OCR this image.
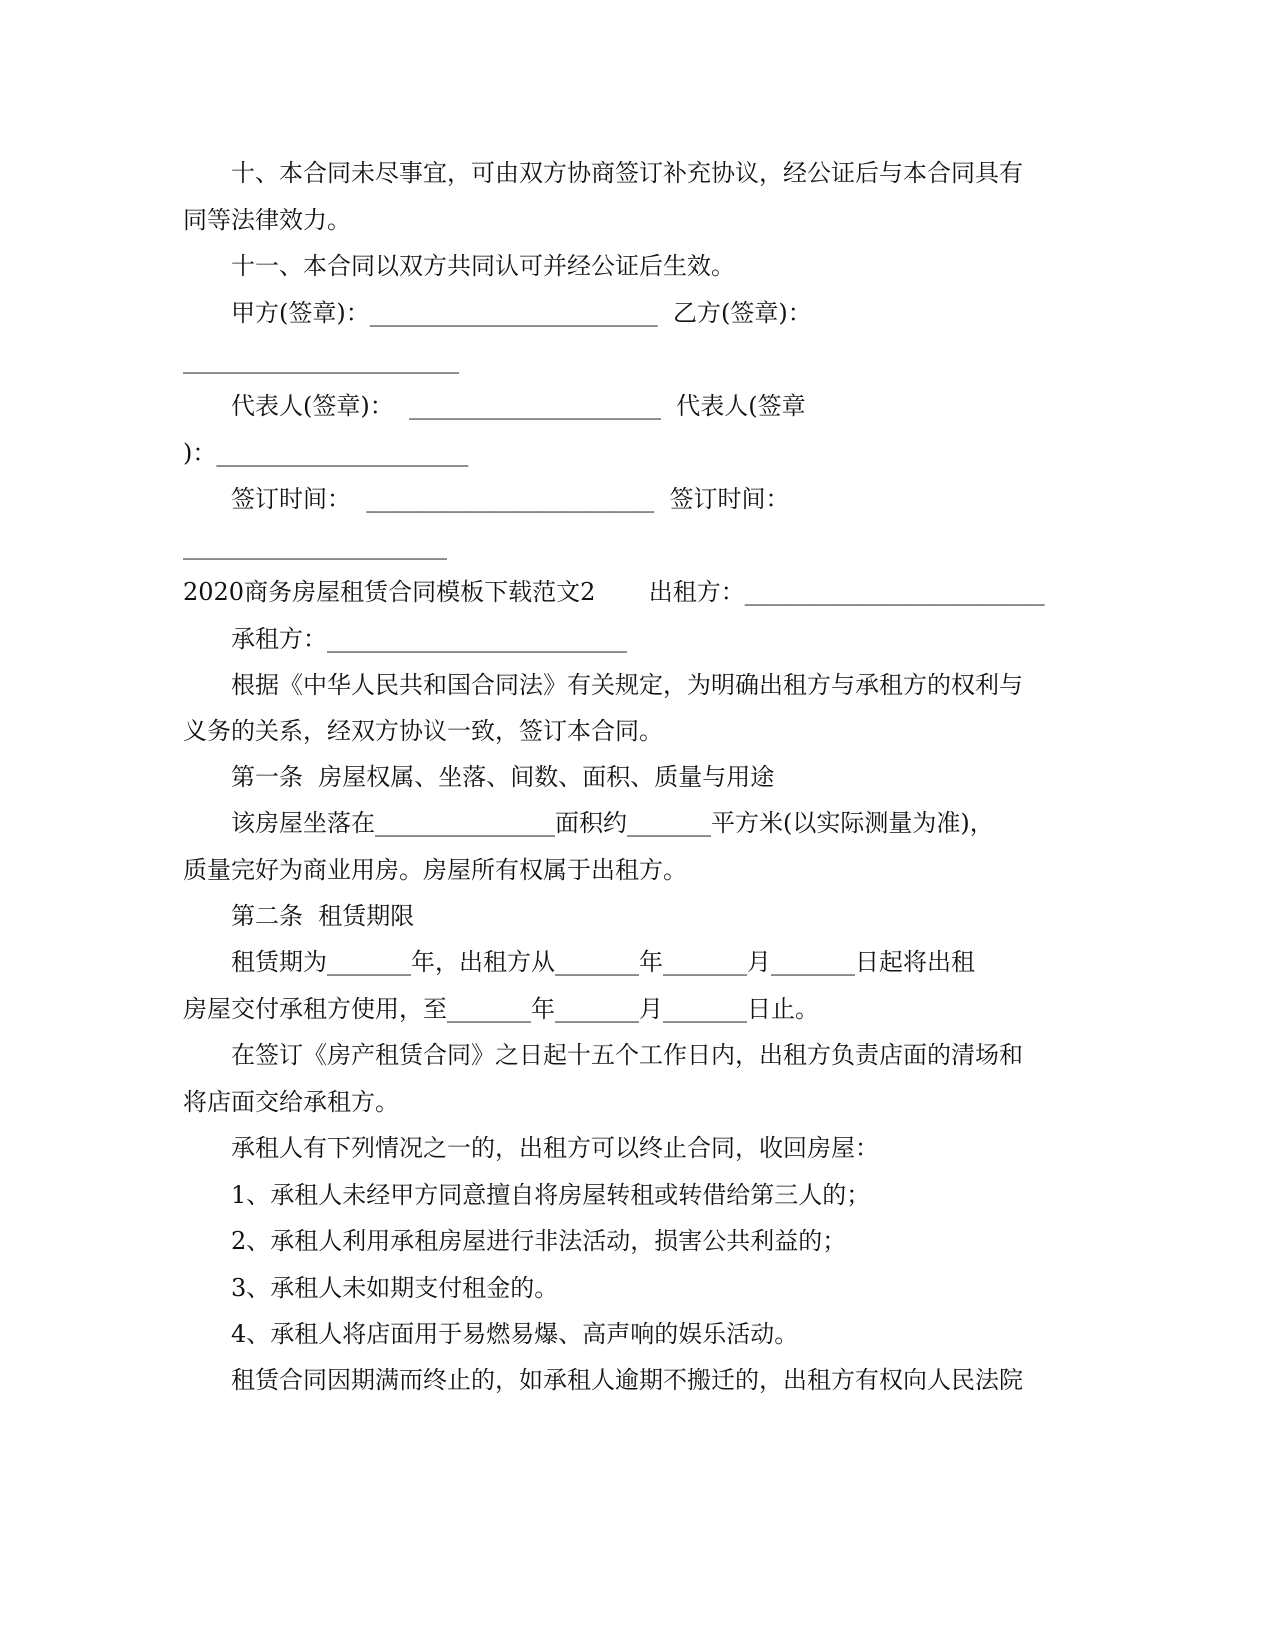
十、本合同未尽事宜，可由双方协商签订补充协议，经公证后与本合同具有
同等法律效力。
十一、本合同以双方共同认可并经公证后生效。
甲方(签章)：________________________  乙方(签章)：
_______________________
代表人(签章)：  _____________________  代表人(签章
)：_____________________
签订时间：  ________________________  签订时间：
______________________
2020商务房屋租赁合同模板下载范文2       出租方：_________________________
承租方：_________________________
根据《中华人民共和国合同法》有关规定，为明确出租方与承租方的权利与
义务的关系，经双方协议一致，签订本合同。
第一条  房屋权属、坐落、间数、面积、质量与用途
该房屋坐落在_______________面积约_______平方米(以实际测量为准)，
质量完好为商业用房。房屋所有权属于出租方。
第二条  租赁期限
租赁期为_______年，出租方从_______年_______月_______日起将出租
房屋交付承租方使用，至_______年_______月_______日止。
在签订《房产租赁合同》之日起十五个工作日内，出租方负责店面的清场和
将店面交给承租方。
承租人有下列情况之一的，出租方可以终止合同，收回房屋：
1、承租人未经甲方同意擅自将房屋转租或转借给第三人的；
2、承租人利用承租房屋进行非法活动，损害公共利益的；
3、承租人未如期支付租金的。
4、承租人将店面用于易燃易爆、高声响的娱乐活动。
租赁合同因期满而终止的，如承租人逾期不搬迁的，出租方有权向人民法院
